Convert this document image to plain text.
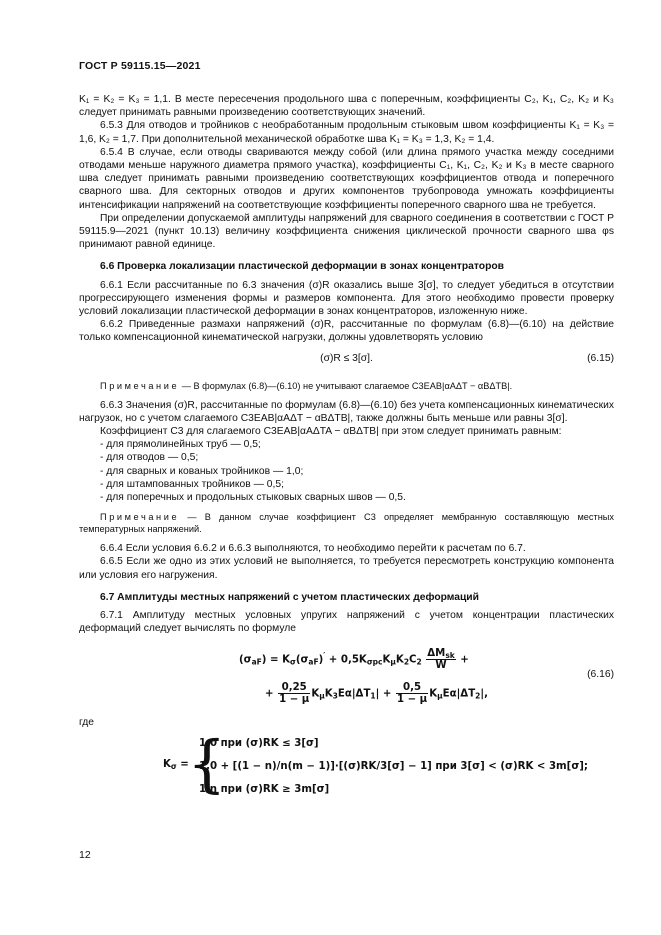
ГОСТ Р 59115.15—2021

K₁ = K₂ = K₃ = 1,1. В месте пересечения продольного шва с поперечным, коэффициенты C₂, K₁, C₂, K₂ и K₃ следует принимать равными произведению соответствующих значений.

6.5.3 Для отводов и тройников с необработанным продольным стыковым швом коэффициенты K₁ = K₃ = 1,6, K₂ = 1,7. При дополнительной механической обработке шва K₁ = K₃ = 1,3, K₂ = 1,4.

6.5.4 В случае, если отводы свариваются между собой (или длина прямого участка между соседними отводами меньше наружного диаметра прямого участка), коэффициенты C₁, K₁, C₂, K₂ и K₃ в месте сварного шва следует принимать равными произведению соответствующих коэффициентов отвода и поперечного сварного шва. Для секторных отводов и других компонентов трубопровода умножать коэффициенты интенсификации напряжений на соответствующие коэффициенты поперечного сварного шва не требуется.

При определении допускаемой амплитуды напряжений для сварного соединения в соответствии с ГОСТ Р 59115.9—2021 (пункт 10.13) величину коэффициента снижения циклической прочности сварного шва φs принимают равной единице.

6.6 Проверка локализации пластической деформации в зонах концентраторов

6.6.1 Если рассчитанные по 6.3 значения (σ)R оказались выше 3[σ], то следует убедиться в отсутствии прогрессирующего изменения формы и размеров компонента. Для этого необходимо провести проверку условий локализации пластической деформации в зонах концентраторов, изложенную ниже.

6.6.2 Приведенные размахи напряжений (σ)R, рассчитанные по формулам (6.8)—(6.10) на действие только компенсационной кинематической нагрузки, должны удовлетворять условию

(σ)R ≤ 3[σ].	(6.15)

Примечание — В формулах (6.8)—(6.10) не учитывают слагаемое C3EAB|αAΔT − αBΔTB|.

6.6.3 Значения (σ)R, рассчитанные по формулам (6.8)—(6.10) без учета компенсационных кинематических нагрузок, но с учетом слагаемого C3EAB|αAΔT − αBΔTB|, также должны быть меньше или равны 3[σ].

Коэффициент C3 для слагаемого C3EAB|αAΔTA − αBΔTB| при этом следует принимать равным:

- для прямолинейных труб — 0,5;

- для отводов — 0,5;

- для сварных и кованых тройников — 1,0;

- для штампованных тройников — 0,5;

- для поперечных и продольных стыковых сварных швов — 0,5.

Примечание — В данном случае коэффициент C3 определяет мембранную составляющую местных температурных напряжений.

6.6.4 Если условия 6.6.2 и 6.6.3 выполняются, то необходимо перейти к расчетам по 6.7.

6.6.5 Если же одно из этих условий не выполняется, то требуется пересмотреть конструкцию компонента или условия его нагружения.

6.7 Амплитуды местных напряжений с учетом пластических деформаций

6.7.1 Амплитуду местных условных упругих напряжений с учетом концентрации пластических деформаций следует вычислять по формуле

$(\sigma_{aF}) = K_\sigma(\sigma_{aF})' + 0,5K_{\sigma pc}K_\mu K_2C_2 \frac{\Delta M_{sk}}{W}$ +
+ $\frac{0,25}{1 - \mu} K_\mu K_3E\alpha|\Delta T_1| + \frac{0,5}{1 - \mu} K_\mu E\alpha|\Delta T_2|$,
(6.16)

где

$K_\sigma$ =
{
1,0 при (σ)RK ≤ 3[σ]
1,0 + [(1 − n)/n(m − 1)]·[(σ)RK/3[σ] − 1] при 3[σ] < (σ)RK < 3m[σ];
1/n при (σ)RK ≥ 3m[σ]
12
